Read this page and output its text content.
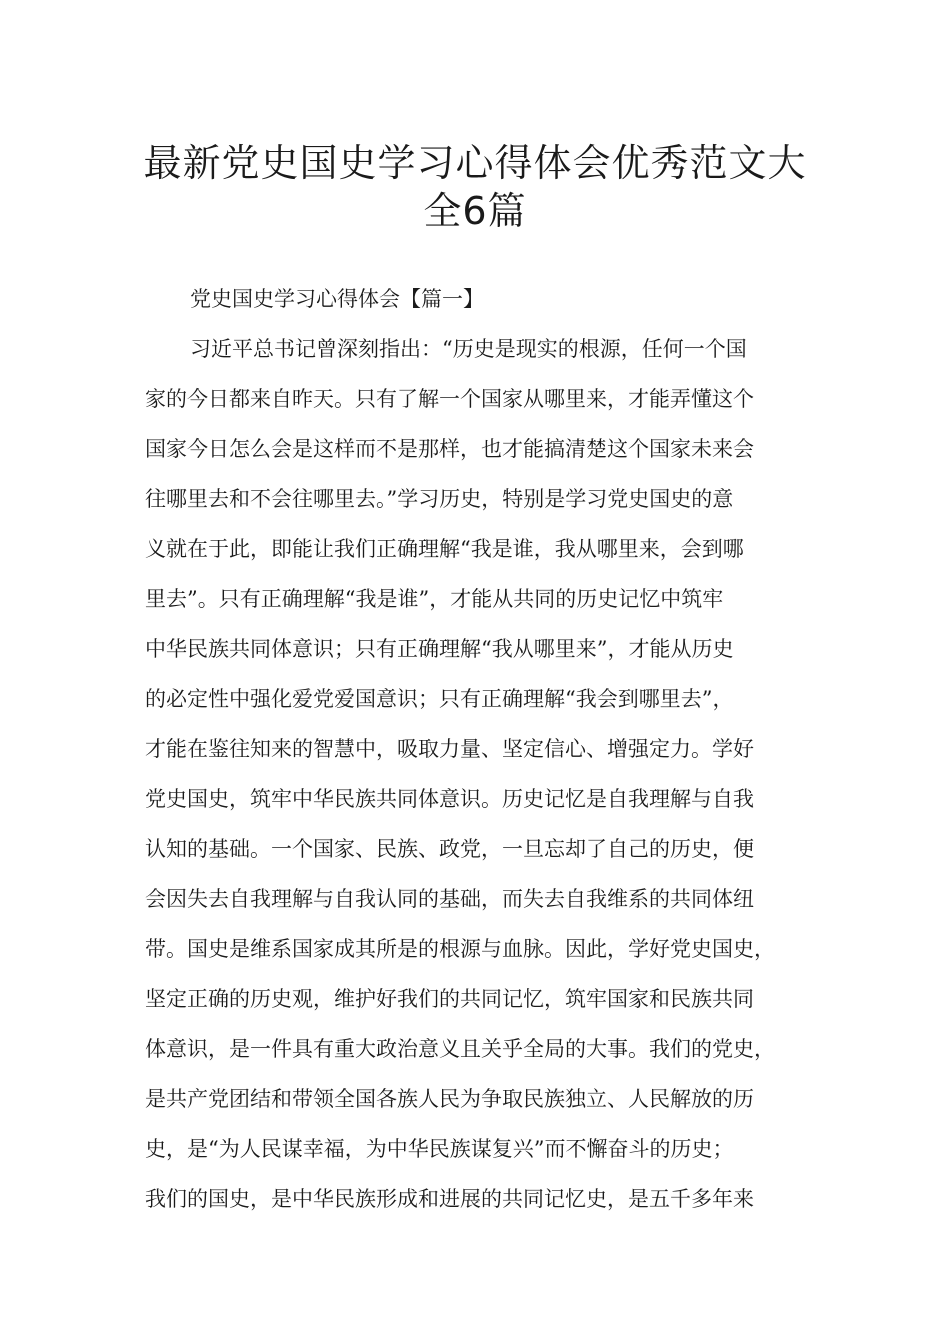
最新党史国史学习心得体会优秀范文大
全6篇

党史国史学习心得体会【篇一】

习近平总书记曾深刻指出：“历史是现实的根源，任何一个国

家的今日都来自昨天。只有了解一个国家从哪里来，才能弄懂这个

国家今日怎么会是这样而不是那样，也才能搞清楚这个国家未来会

往哪里去和不会往哪里去。”学习历史，特别是学习党史国史的意

义就在于此，即能让我们正确理解“我是谁，我从哪里来，会到哪

里去”。只有正确理解“我是谁”，才能从共同的历史记忆中筑牢

中华民族共同体意识；只有正确理解“我从哪里来”，才能从历史

的必定性中强化爱党爱国意识；只有正确理解“我会到哪里去”，

才能在鉴往知来的智慧中，吸取力量、坚定信心、增强定力。学好

党史国史，筑牢中华民族共同体意识。历史记忆是自我理解与自我

认知的基础。一个国家、民族、政党，一旦忘却了自己的历史，便

会因失去自我理解与自我认同的基础，而失去自我维系的共同体纽

带。国史是维系国家成其所是的根源与血脉。因此，学好党史国史，

坚定正确的历史观，维护好我们的共同记忆，筑牢国家和民族共同

体意识，是一件具有重大政治意义且关乎全局的大事。我们的党史，

是共产党团结和带领全国各族人民为争取民族独立、人民解放的历

史，是“为人民谋幸福，为中华民族谋复兴”而不懈奋斗的历史；

我们的国史，是中华民族形成和进展的共同记忆史，是五千多年来
